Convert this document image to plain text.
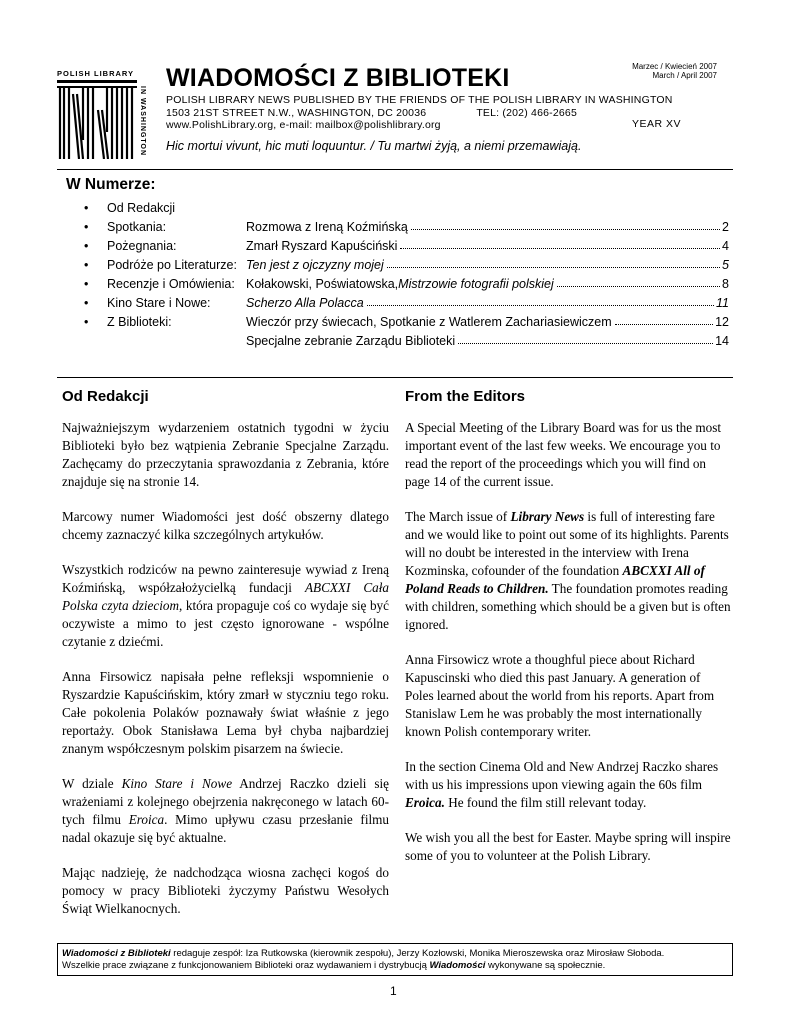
POLISH LIBRARY
IN WASHINGTON
WIADOMOŚCI Z BIBLIOTEKI	Marzec / Kwiecień 2007
March / April 2007
POLISH LIBRARY NEWS PUBLISHED BY THE FRIENDS OF THE POLISH LIBRARY IN WASHINGTON
1503 21ST STREET N.W., WASHINGTON, DC 20036	TEL: (202) 466-2665
www.PolishLibrary.org, e-mail: mailbox@polishlibrary.org	YEAR XV
Hic mortui vivunt, hic muti loquuntur. / Tu martwi żyją, a niemi przemawiają.
W Numerze:
• Od Redakcji
• Spotkania:	Rozmowa z Ireną Koźmińską	2
• Pożegnania:	Zmarł Ryszard Kapuściński	4
• Podróże po Literaturze: Ten jest z ojczyzny mojej	5
• Recenzje i Omówienia: Kołakowski, Poświatowska, Mistrzowie fotografii polskiej	8
• Kino Stare i Nowe:	Scherzo Alla Polacca	11
• Z Biblioteki:	Wieczór przy świecach, Spotkanie z Watlerem Zachariasiewiczem	12
Specjalne zebranie Zarządu Biblioteki	14
Od Redakcji

Najważniejszym wydarzeniem ostatnich tygodni w życiu Biblioteki było bez wątpienia Zebranie Specjalne Zarządu. Zachęcamy do przeczytania sprawozdania z Zebrania, które znajduje się na stronie 14.

Marcowy numer Wiadomości jest dość obszerny dlatego chcemy zaznaczyć kilka szczególnych artykułów.

Wszystkich rodziców na pewno zainteresuje wywiad z Ireną Koźmińską, współzałożycielką fundacji ABCXXI Cała Polska czyta dzieciom, która propaguje coś co wydaje się być oczywiste a mimo to jest często ignorowane - wspólne czytanie z dziećmi.

Anna Firsowicz napisała pełne refleksji wspomnienie o Ryszardzie Kapuścińskim, który zmarł w styczniu tego roku. Całe pokolenia Polaków poznawały świat właśnie z jego reportaży. Obok Stanisława Lema był chyba najbardziej znanym współczesnym polskim pisarzem na świecie.

W dziale Kino Stare i Nowe Andrzej Raczko dzieli się wrażeniami z kolejnego obejrzenia nakręconego w latach 60-tych filmu Eroica. Mimo upływu czasu przesłanie filmu nadal okazuje się być aktualne.

Mając nadzieję, że nadchodząca wiosna zachęci kogoś do pomocy w pracy Biblioteki życzymy Państwu Wesołych Świąt Wielkanocnych.

From the Editors

A Special Meeting of the Library Board was for us the most important event of the last few weeks. We encourage you to read the report of the proceedings which you will find on page 14 of the current issue.

The March issue of Library News is full of interesting fare and we would like to point out some of its highlights. Parents will no doubt be interested in the interview with Irena Kozminska, cofounder of the foundation ABCXXI All of Poland Reads to Children. The foundation promotes reading with children, something which should be a given but is often ignored.

Anna Firsowicz wrote a thoughful piece about Richard Kapuscinski who died this past January. A generation of Poles learned about the world from his reports. Apart from Stanislaw Lem he was probably the most internationally known Polish contemporary writer.

In the section Cinema Old and New Andrzej Raczko shares with us his impressions upon viewing again the 60s film Eroica. He found the film still relevant today.

We wish you all the best for Easter. Maybe spring will inspire some of you to volunteer at the Polish Library.

Wiadomości z Biblioteki redaguje zespół: Iza Rutkowska (kierownik zespołu), Jerzy Kozłowski, Monika Mieroszewska oraz Mirosław Słoboda.
Wszelkie prace związane z funkcjonowaniem Biblioteki oraz wydawaniem i dystrybucją Wiadomości wykonywane są społecznie.
1
